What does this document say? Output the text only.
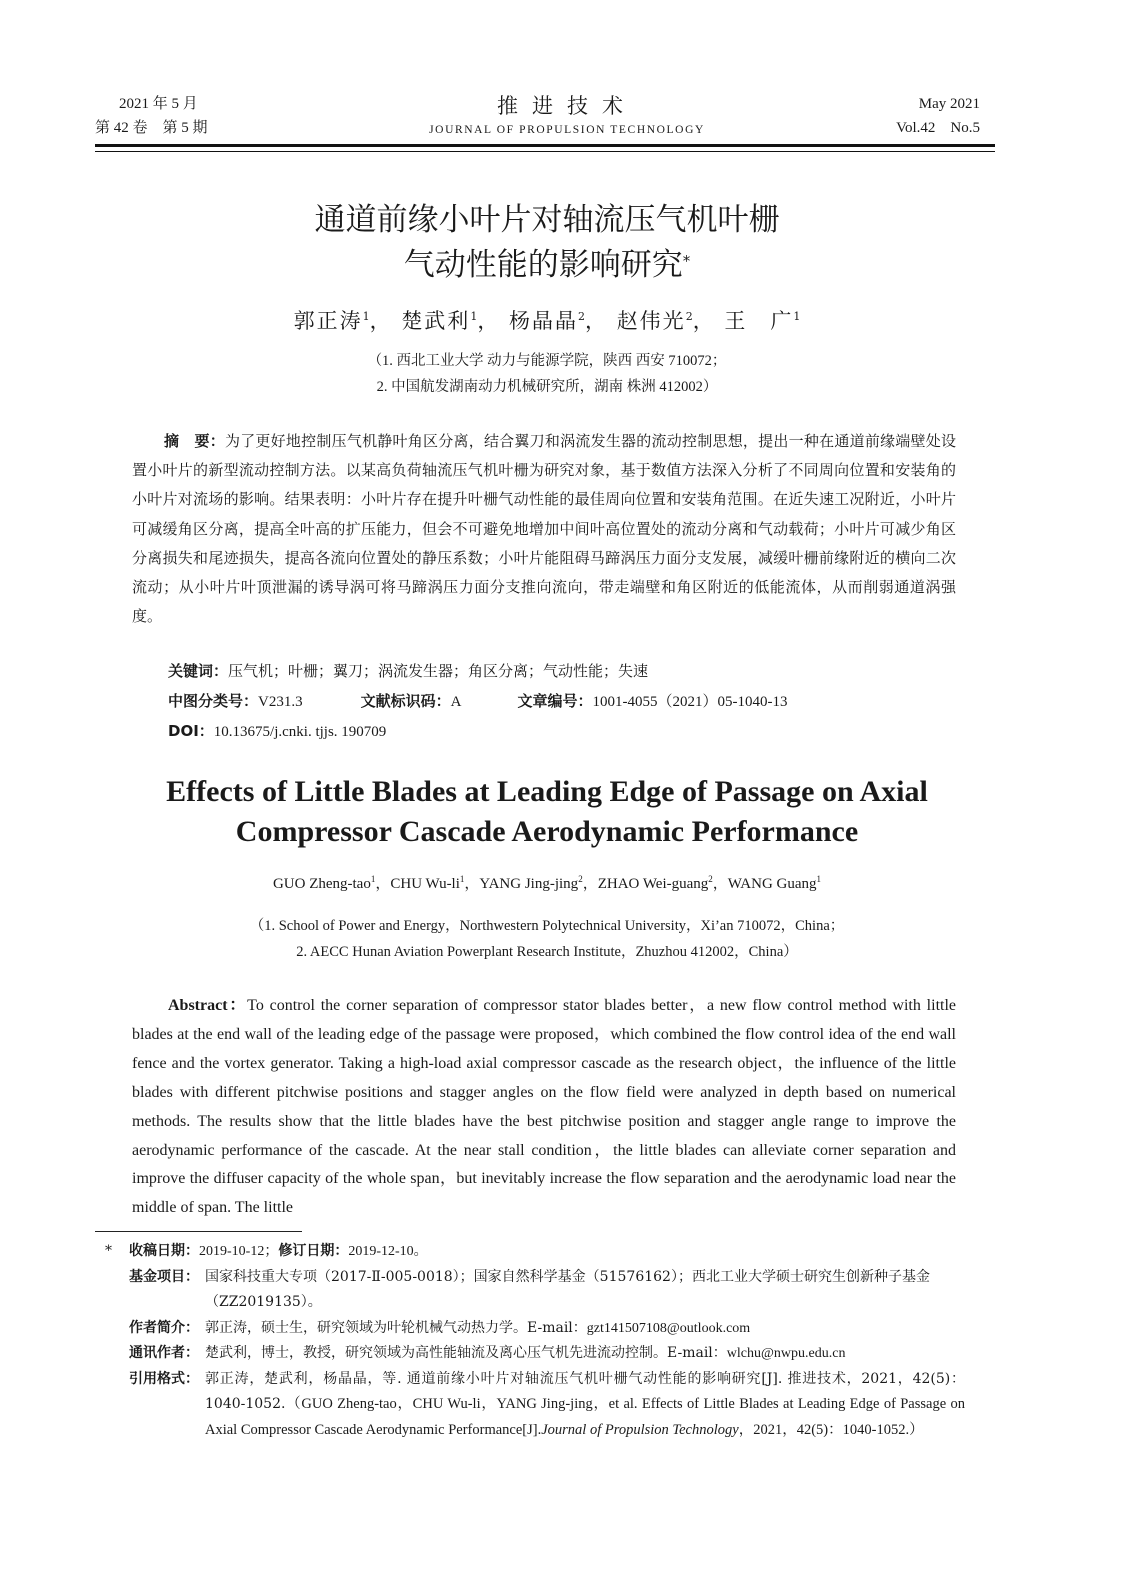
2021 年 5 月
第 42 卷　第 5 期
推进技术
JOURNAL OF PROPULSION TECHNOLOGY
May 2021
Vol.42　No.5
通道前缘小叶片对轴流压气机叶栅
气动性能的影响研究*
郭正涛$^1$， 楚武利$^1$， 杨晶晶$^2$， 赵伟光$^2$， 王　广$^1$
（1. 西北工业大学 动力与能源学院，陕西 西安 710072；
2. 中国航发湖南动力机械研究所，湖南 株洲 412002）

摘　要：为了更好地控制压气机静叶角区分离，结合翼刀和涡流发生器的流动控制思想，提出一种在通道前缘端壁处设置小叶片的新型流动控制方法。以某高负荷轴流压气机叶栅为研究对象，基于数值方法深入分析了不同周向位置和安装角的小叶片对流场的影响。结果表明：小叶片存在提升叶栅气动性能的最佳周向位置和安装角范围。在近失速工况附近，小叶片可减缓角区分离，提高全叶高的扩压能力，但会不可避免地增加中间叶高位置处的流动分离和气动载荷；小叶片可减少角区分离损失和尾迹损失，提高各流向位置处的静压系数；小叶片能阻碍马蹄涡压力面分支发展，减缓叶栅前缘附近的横向二次流动；从小叶片叶顶泄漏的诱导涡可将马蹄涡压力面分支推向流向，带走端壁和角区附近的低能流体，从而削弱通道涡强度。

关键词：压气机；叶栅；翼刀；涡流发生器；角区分离；气动性能；失速
中图分类号：V231.3	文献标识码：A	文章编号：1001-4055（2021）05-1040-13
DOI：10.13675/j.cnki. tjjs. 190709
Effects of Little Blades at Leading Edge of Passage on Axial
Compressor Cascade Aerodynamic Performance
GUO Zheng-tao$^1$，CHU $Wu-li^1$，YANG Jing-jing$^2$，ZHAO Wei-guang$^2$，WANG Guang$^1$
（1. School of Power and Energy，Northwestern Polytechnical University，Xi’an 710072，China；
2. AECC Hunan Aviation Powerplant Research Institute，Zhuzhou 412002，China）

Abstract：To control the corner separation of compressor stator blades better，a new flow control method with little blades at the end wall of the leading edge of the passage were proposed，which combined the flow control idea of the end wall fence and the vortex generator. Taking a high-load axial compressor cascade as the research object，the influence of the little blades with different pitchwise positions and stagger angles on the flow field were analyzed in depth based on numerical methods. The results show that the little blades have the best pitchwise position and stagger angle range to improve the aerodynamic performance of the cascade. At the near stall condition，the little blades can alleviate corner separation and improve the diffuser capacity of the whole span，but inevitably increase the flow separation and the aerodynamic load near the middle of span. The little

*	收稿日期：2019-10-12；修订日期：2019-12-10。
基金项目： 国家科技重大专项（2017-Ⅱ-005-0018）；国家自然科学基金（51576162）；西北工业大学硕士研究生创新种子基金（ZZ2019135）。
作者简介： 郭正涛，硕士生，研究领域为叶轮机械气动热力学。E-mail：gzt141507108@outlook.com
通讯作者： 楚武利，博士，教授，研究领域为高性能轴流及离心压气机先进流动控制。E-mail：wlchu@nwpu.edu.cn
引用格式： 郭正涛，楚武利，杨晶晶，等. 通道前缘小叶片对轴流压气机叶栅气动性能的影响研究[J]. 推进技术，2021，42(5)：1040-1052.（GUO Zheng-tao，CHU Wu-li，YANG Jing-jing，et al. Effects of Little Blades at Leading Edge of Passage on Axial Compressor Cascade Aerodynamic Performance[J].Journal of Propulsion Technology，2021，42(5)：1040-1052.）
